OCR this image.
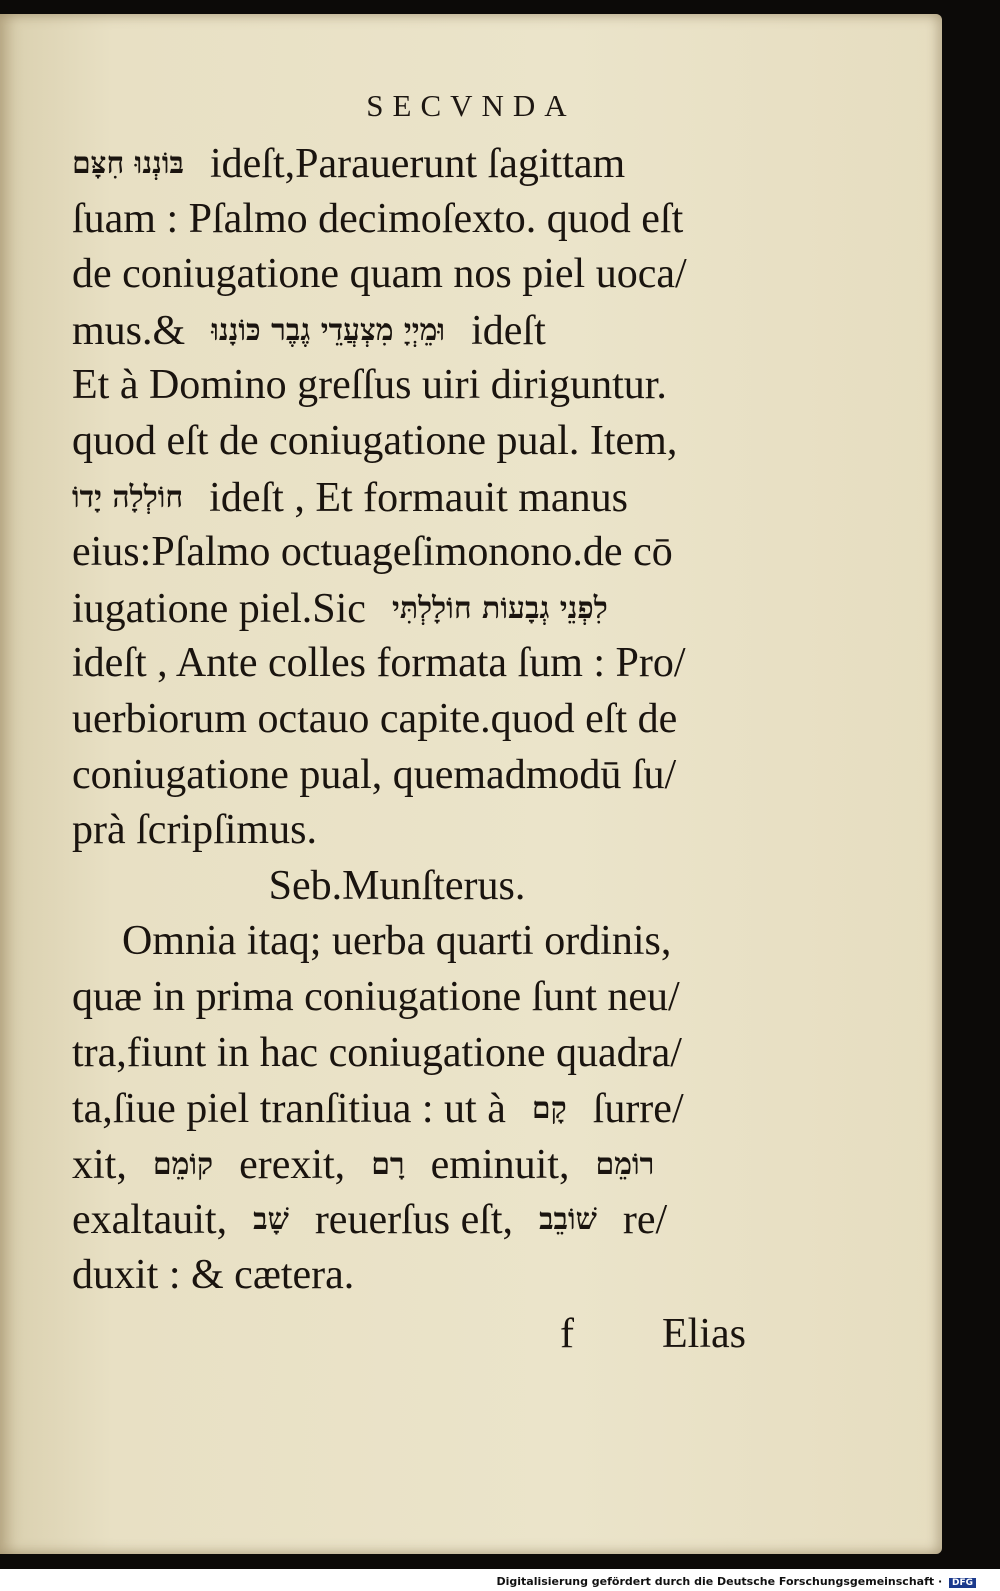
SECVNDA
בּוֹנְנוּ חִצָּם ideſt,Parauerunt ſagittam
ſuam : Pſalmo decimoſexto. quod eſt
de coniugatione quam nos piel uoca/
mus.& וּמֵיְיָ מִצְעֲדֵי גֶבֶר כּוֹנָנוּ ideſt
Et à Domino greſſus uiri diriguntur.
quod eſt de coniugatione pual. Item,
חוֹלְלָה יָדוֹ ideſt , Et formauit manus
eius:Pſalmo octuageſimonono.de cō
iugatione piel.Sic לִפְנֵי גְבָעוֹת חוֹלָלְתִּי
ideſt , Ante colles formata ſum : Pro/
uerbiorum octauo capite.quod eſt de
coniugatione pual, quemadmodū ſu/
prà ſcripſimus.
Seb.Munſterus.
Omnia itaq; uerba quarti ordinis,
quæ in prima coniugatione ſunt neu/
tra,fiunt in hac coniugatione quadra/
ta,ſiue piel tranſitiua : ut à קָם ſurre/
xit, קוֹמֵם erexit, רָם eminuit, רוֹמֵם
exaltauit, שָׁב reuerſus eſt, שׁוֹבֵב re/
duxit : & cætera.
f Elias
Digitalisierung gefördert durch die Deutsche Forschungsgemeinschaft · DFG
